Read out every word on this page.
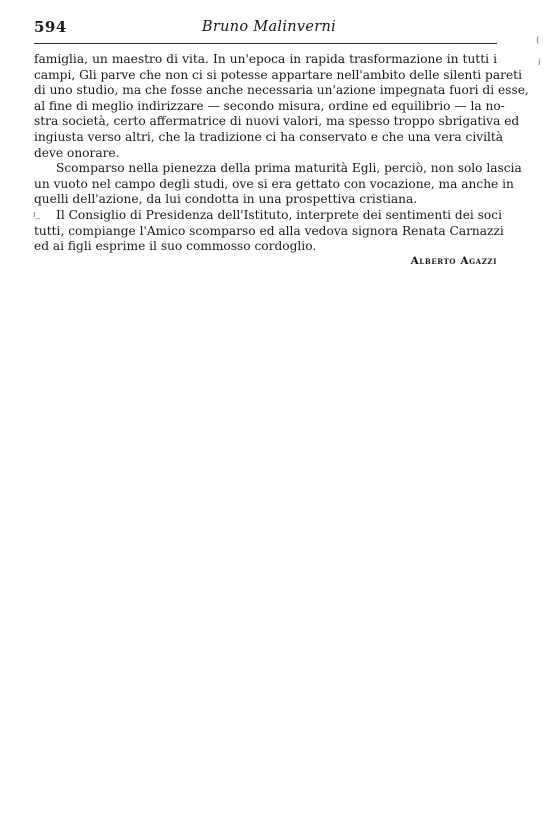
594	Bruno Malinverni
(
i
ı_
famiglia, un maestro di vita. In un'epoca in rapida trasformazione in tutti i
campi, Gli parve che non ci si potesse appartare nell'ambito delle silenti pareti
di uno studio, ma che fosse anche necessaria un'azione impegnata fuori di esse,
al fine di meglio indirizzare — secondo misura, ordine ed equilibrio — la no-
stra società, certo affermatrice di nuovi valori, ma spesso troppo sbrigativa ed
ingiusta verso altri, che la tradizione ci ha conservato e che una vera civiltà
deve onorare.
Scomparso nella pienezza della prima maturità Egli, perciò, non solo lascia
un vuoto nel campo degli studi, ove si era gettato con vocazione, ma anche in
quelli dell'azione, da lui condotta in una prospettiva cristiana.
Il Consiglio di Presidenza dell'Istituto, interprete dei sentimenti dei soci
tutti, compiange l'Amico scomparso ed alla vedova signora Renata Carnazzi
ed ai figli esprime il suo commosso cordoglio.
Alberto Agazzi
